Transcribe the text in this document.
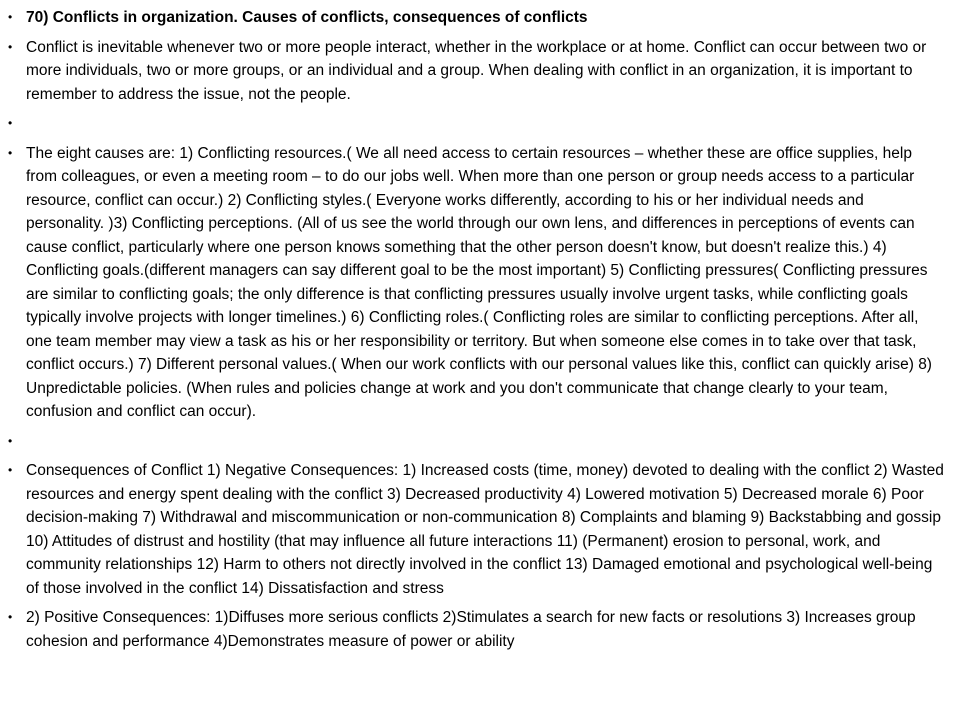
• 70) Conflicts in organization. Causes of conflicts, consequences of conflicts
• Conflict is inevitable whenever two or more people interact, whether in the workplace or at home. Conflict can occur between two or more individuals, two or more groups, or an individual and a group. When dealing with conflict in an organization, it is important to remember to address the issue, not the people.
•
• The eight causes are: 1) Conflicting resources.( We all need access to certain resources – whether these are office supplies, help from colleagues, or even a meeting room – to do our jobs well. When more than one person or group needs access to a particular resource, conflict can occur.) 2) Conflicting styles.( Everyone works differently, according to his or her individual needs and personality. )3) Conflicting perceptions. (All of us see the world through our own lens, and differences in perceptions of events can cause conflict, particularly where one person knows something that the other person doesn't know, but doesn't realize this.) 4) Conflicting goals.(different managers can say different goal to be the most important) 5) Conflicting pressures( Conflicting pressures are similar to conflicting goals; the only difference is that conflicting pressures usually involve urgent tasks, while conflicting goals typically involve projects with longer timelines.) 6) Conflicting roles.( Conflicting roles are similar to conflicting perceptions. After all, one team member may view a task as his or her responsibility or territory. But when someone else comes in to take over that task, conflict occurs.) 7) Different personal values.( When our work conflicts with our personal values like this, conflict can quickly arise) 8) Unpredictable policies. (When rules and policies change at work and you don't communicate that change clearly to your team, confusion and conflict can occur).
•
• Consequences of Conflict 1) Negative Consequences: 1) Increased costs (time, money) devoted to dealing with the conflict 2) Wasted resources and energy spent dealing with the conflict 3) Decreased productivity 4) Lowered motivation 5) Decreased morale 6) Poor decision-making 7) Withdrawal and miscommunication or non-communication 8) Complaints and blaming 9) Backstabbing and gossip 10) Attitudes of distrust and hostility (that may influence all future interactions 11) (Permanent) erosion to personal, work, and community relationships 12) Harm to others not directly involved in the conflict 13) Damaged emotional and psychological well-being of those involved in the conflict 14) Dissatisfaction and stress
• 2) Positive Consequences: 1)Diffuses more serious conflicts 2)Stimulates a search for new facts or resolutions 3) Increases group cohesion and performance 4)Demonstrates measure of power or ability
